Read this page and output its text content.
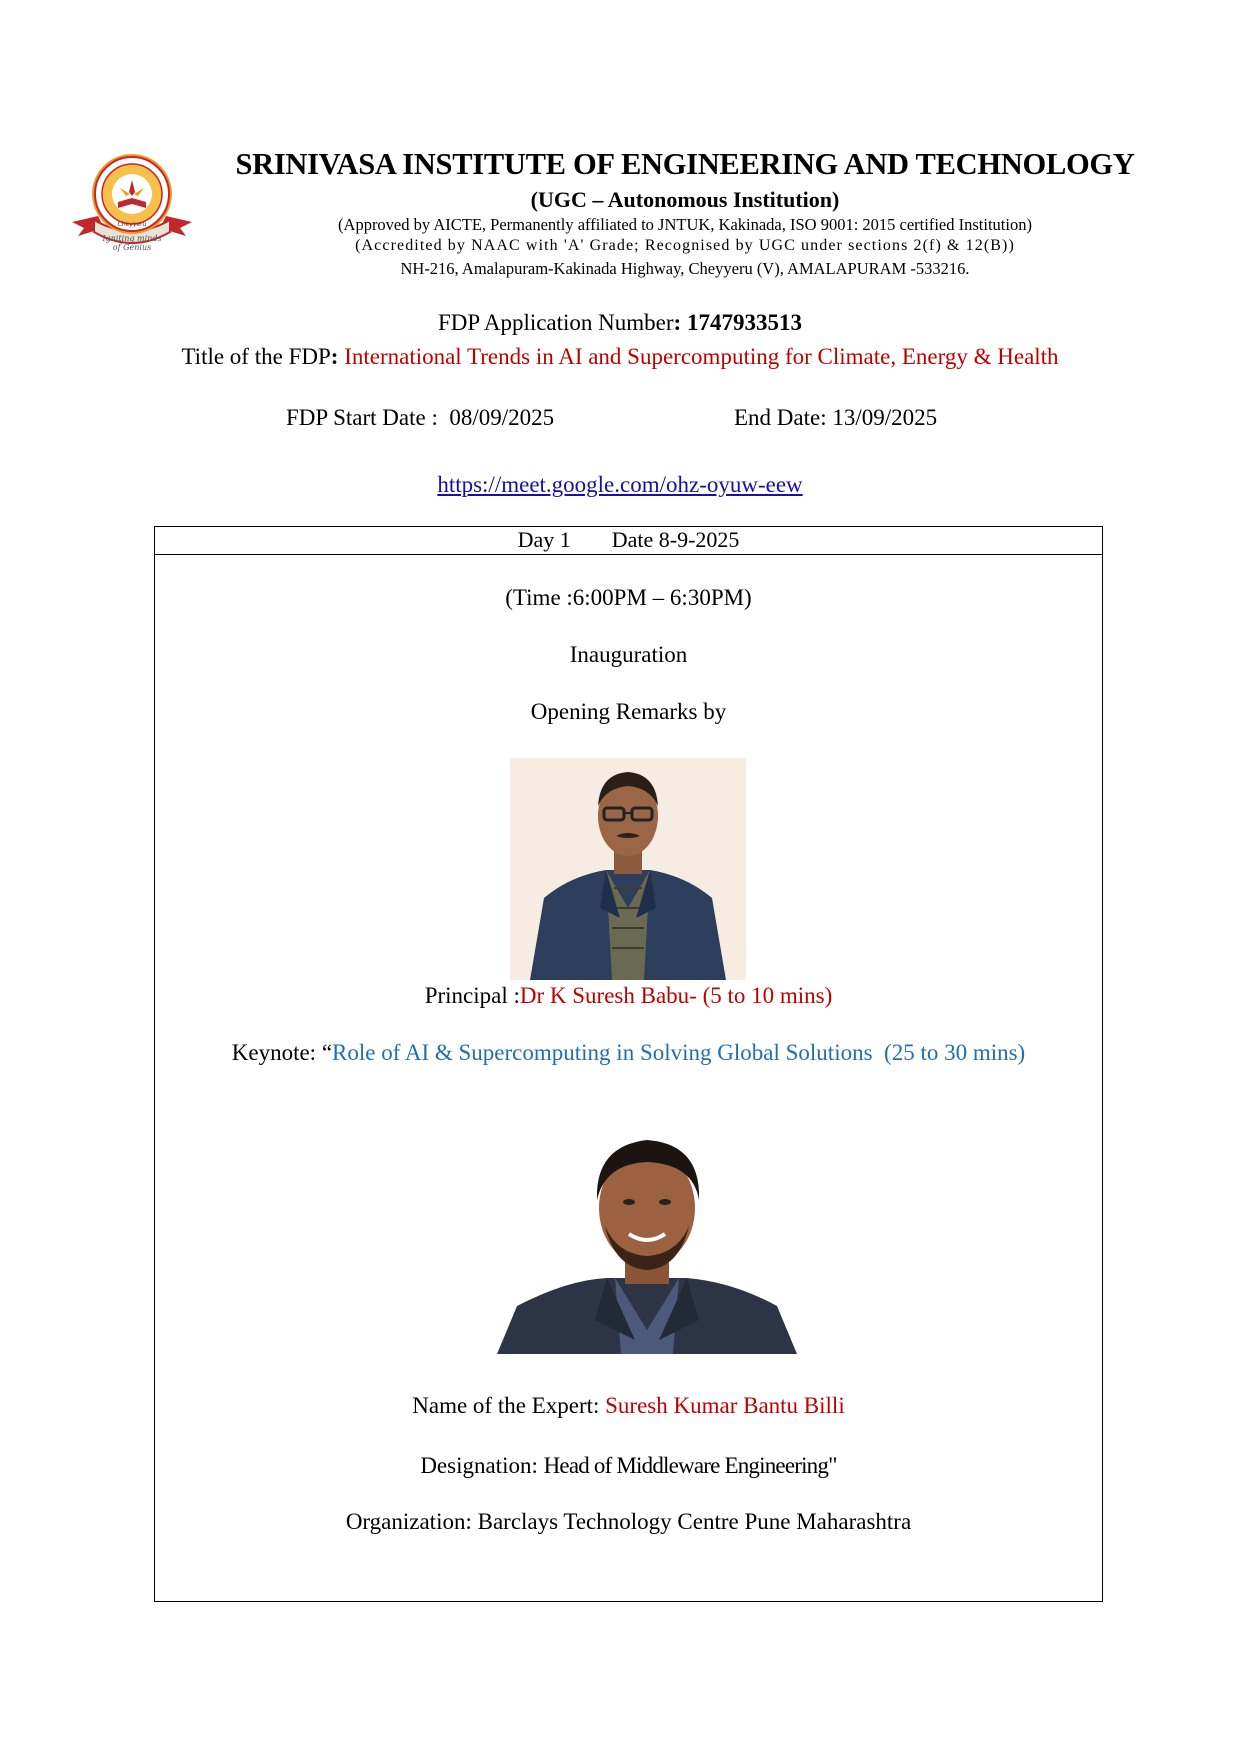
Igniting minds of Genius
Cheyyeru
SRINIVASA INSTITUTE OF ENGINEERING AND TECHNOLOGY
(UGC – Autonomous Institution)
(Approved by AICTE, Permanently affiliated to JNTUK, Kakinada, ISO 9001: 2015 certified Institution)
(Accredited by NAAC with 'A' Grade; Recognised by UGC under sections 2(f) & 12(B))
NH-216, Amalapuram-Kakinada Highway, Cheyyeru (V), AMALAPURAM -533216.
FDP Application Number: 1747933513
Title of the FDP: International Trends in AI and Supercomputing for Climate, Energy & Health
FDP Start Date : 08/09/2025	End Date: 13/09/2025
https://meet.google.com/ohz-oyuw-eew
Day 1 Date 8-9-2025
(Time :6:00PM – 6:30PM)
Inauguration
Opening Remarks by
Principal :Dr K Suresh Babu- (5 to 10 mins)
Keynote: “Role of AI & Supercomputing in Solving Global Solutions  (25 to 30 mins)
Name of the Expert: Suresh Kumar Bantu Billi
Designation: Head of Middleware Engineering"
Organization: Barclays Technology Centre Pune Maharashtra
